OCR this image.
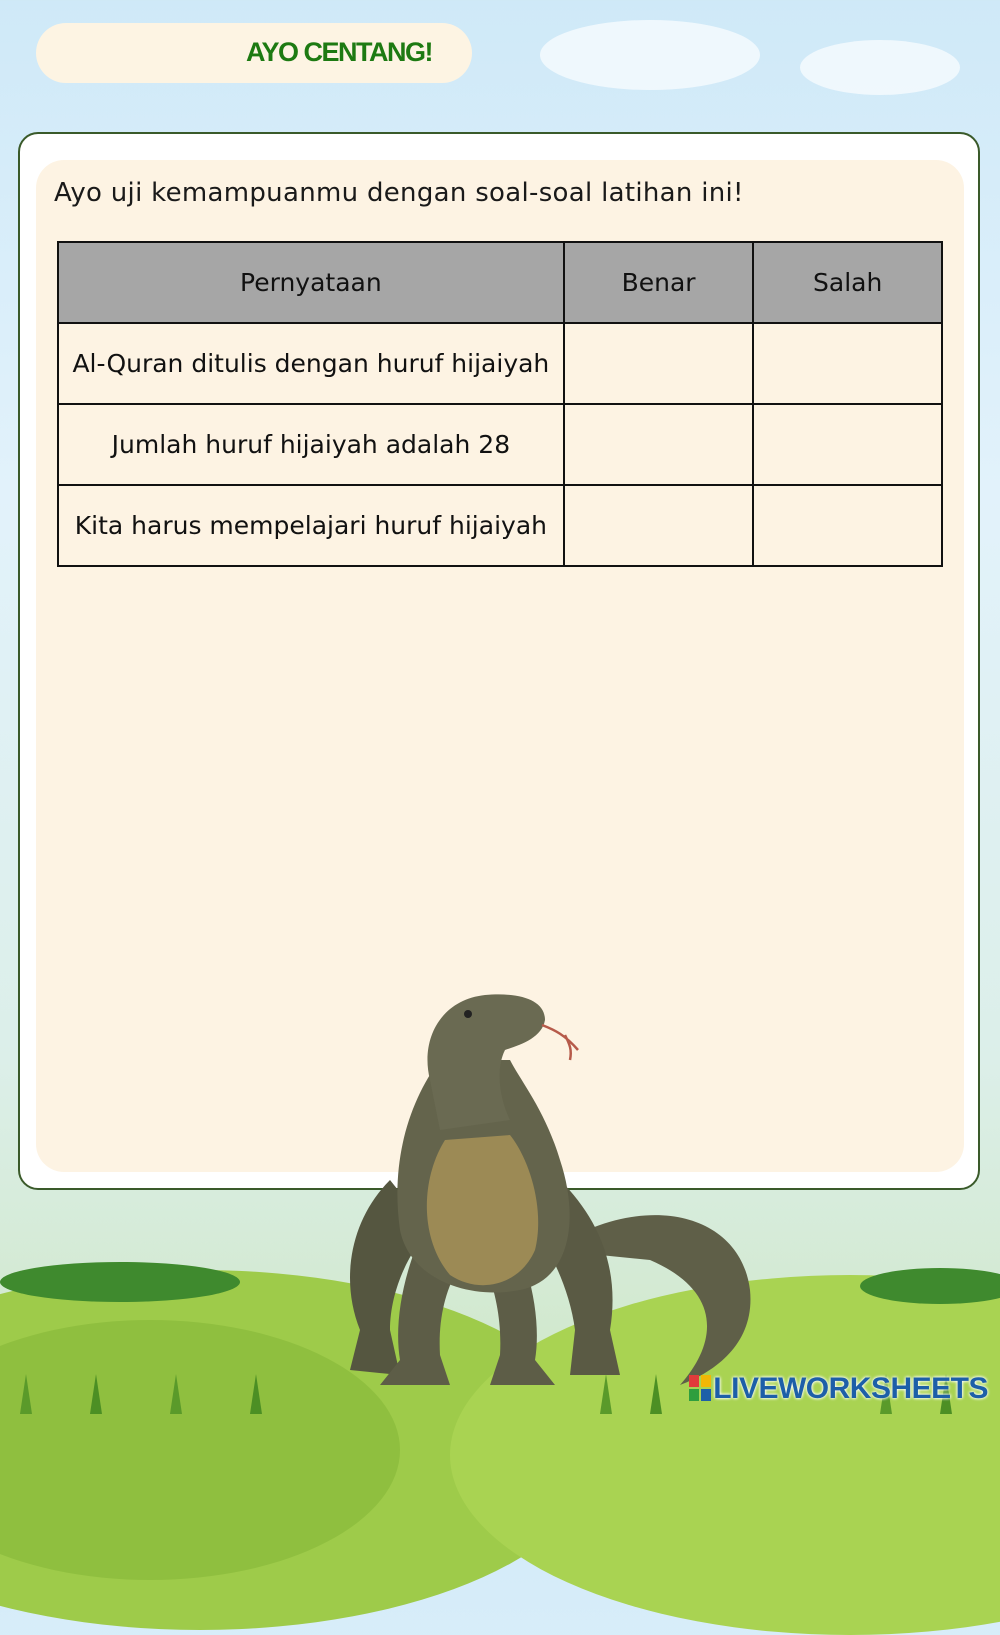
AYO CENTANG!
Ayo uji kemampuanmu dengan soal-soal latihan ini!
Pernyataan	Benar	Salah
Al-Quran ditulis dengan huruf hijaiyah		
Jumlah huruf hijaiyah adalah 28		
Kita harus mempelajari huruf hijaiyah		
LIVEWORKSHEETS
